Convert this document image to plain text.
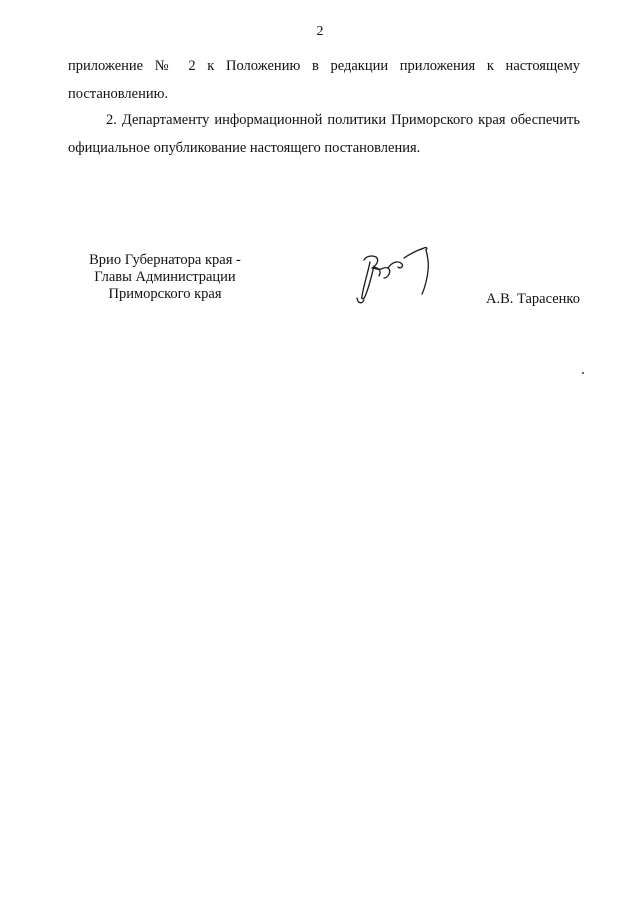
2
приложение № 2 к Положению в редакции приложения к настоящему
постановлению.
2. Департаменту информационной политики Приморского края обеспечить
официальное опубликование настоящего постановления.
Врио Губернатора края -
Главы Администрации
Приморского края	А.В. Тарасенко
